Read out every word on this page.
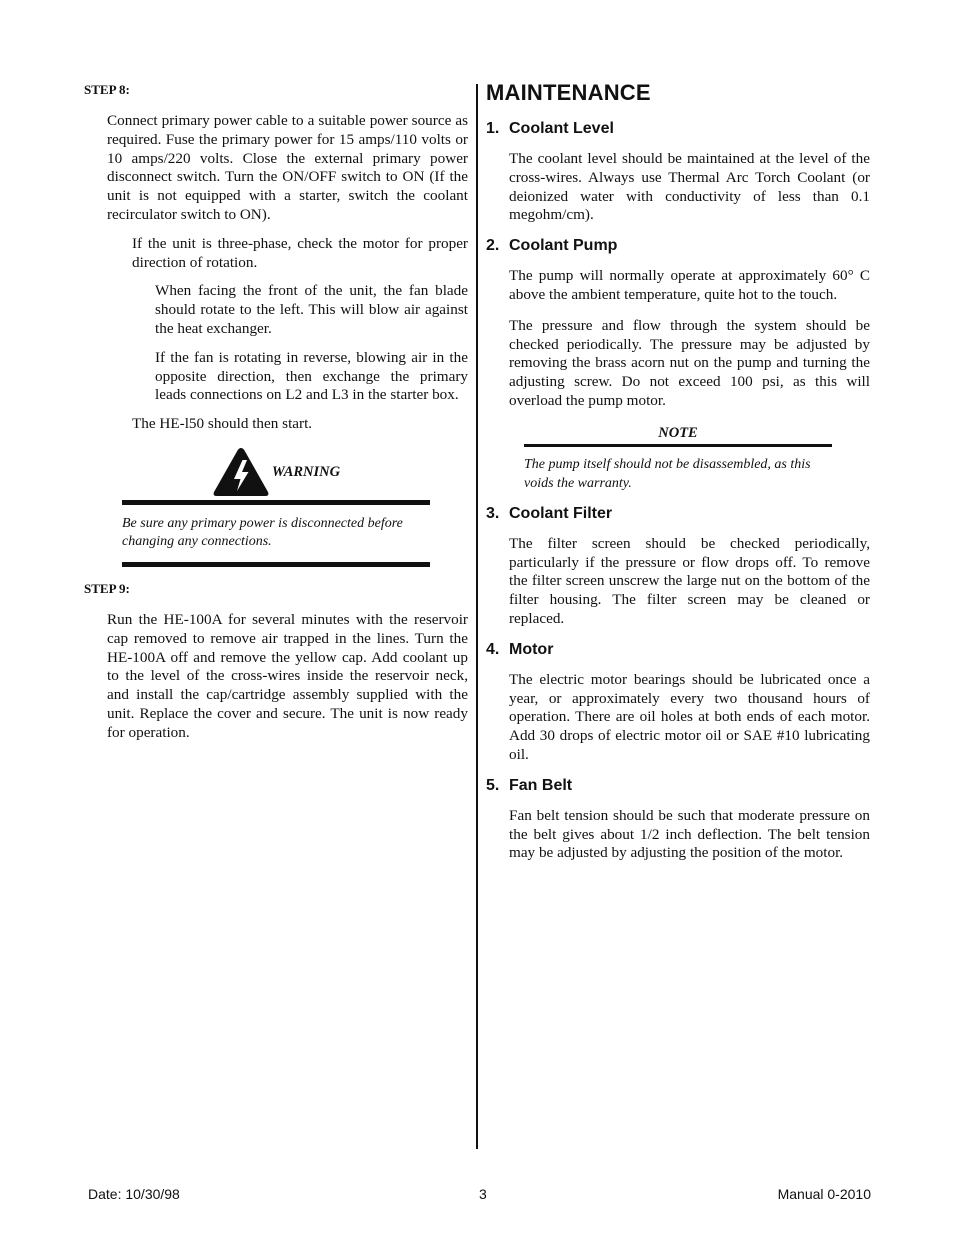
STEP 8:

Connect primary power cable to a suitable power source as required. Fuse the primary power for 15 amps/110 volts or 10 amps/220 volts. Close the external primary power disconnect switch. Turn the ON/OFF switch to ON (If the unit is not equipped with a starter, switch the coolant recirculator switch to ON).

If the unit is three-phase, check the motor for proper direction of rotation.

When facing the front of the unit, the fan blade should rotate to the left. This will blow air against the heat exchanger.

If the fan is rotating in reverse, blowing air in the opposite direction, then exchange the primary leads connections on L2 and L3 in the starter box.

The HE-l50 should then start.

WARNING

Be sure any primary power is disconnected before changing any connections.

STEP 9:

Run the HE-100A for several minutes with the reservoir cap removed to remove air trapped in the lines. Turn the HE-100A off and remove the yellow cap. Add coolant up to the level of the cross-wires inside the reservoir neck, and install the cap/cartridge assembly supplied with the unit. Replace the cover and secure. The unit is now ready for operation.

MAINTENANCE
1. Coolant Level

The coolant level should be maintained at the level of the cross-wires. Always use Thermal Arc Torch Coolant (or deionized water with conductivity of less than 0.1 megohm/cm).

2. Coolant Pump

The pump will normally operate at approximately 60° C above the ambient temperature, quite hot to the touch.

The pressure and flow through the system should be checked periodically. The pressure may be adjusted by removing the brass acorn nut on the pump and turning the adjusting screw. Do not exceed 100 psi, as this will overload the pump motor.

NOTE

The pump itself should not be disassembled, as this voids the warranty.

3. Coolant Filter

The filter screen should be checked periodically, particularly if the pressure or flow drops off. To remove the filter screen unscrew the large nut on the bottom of the filter housing. The filter screen may be cleaned or replaced.

4. Motor

The electric motor bearings should be lubricated once a year, or approximately every two thousand hours of operation. There are oil holes at both ends of each motor. Add 30 drops of electric motor oil or SAE #10 lubricating oil.

5. Fan Belt

Fan belt tension should be such that moderate pressure on the belt gives about 1/2 inch deflection. The belt tension may be adjusted by adjusting the position of the motor.

Date: 10/30/98	3	Manual 0-2010
